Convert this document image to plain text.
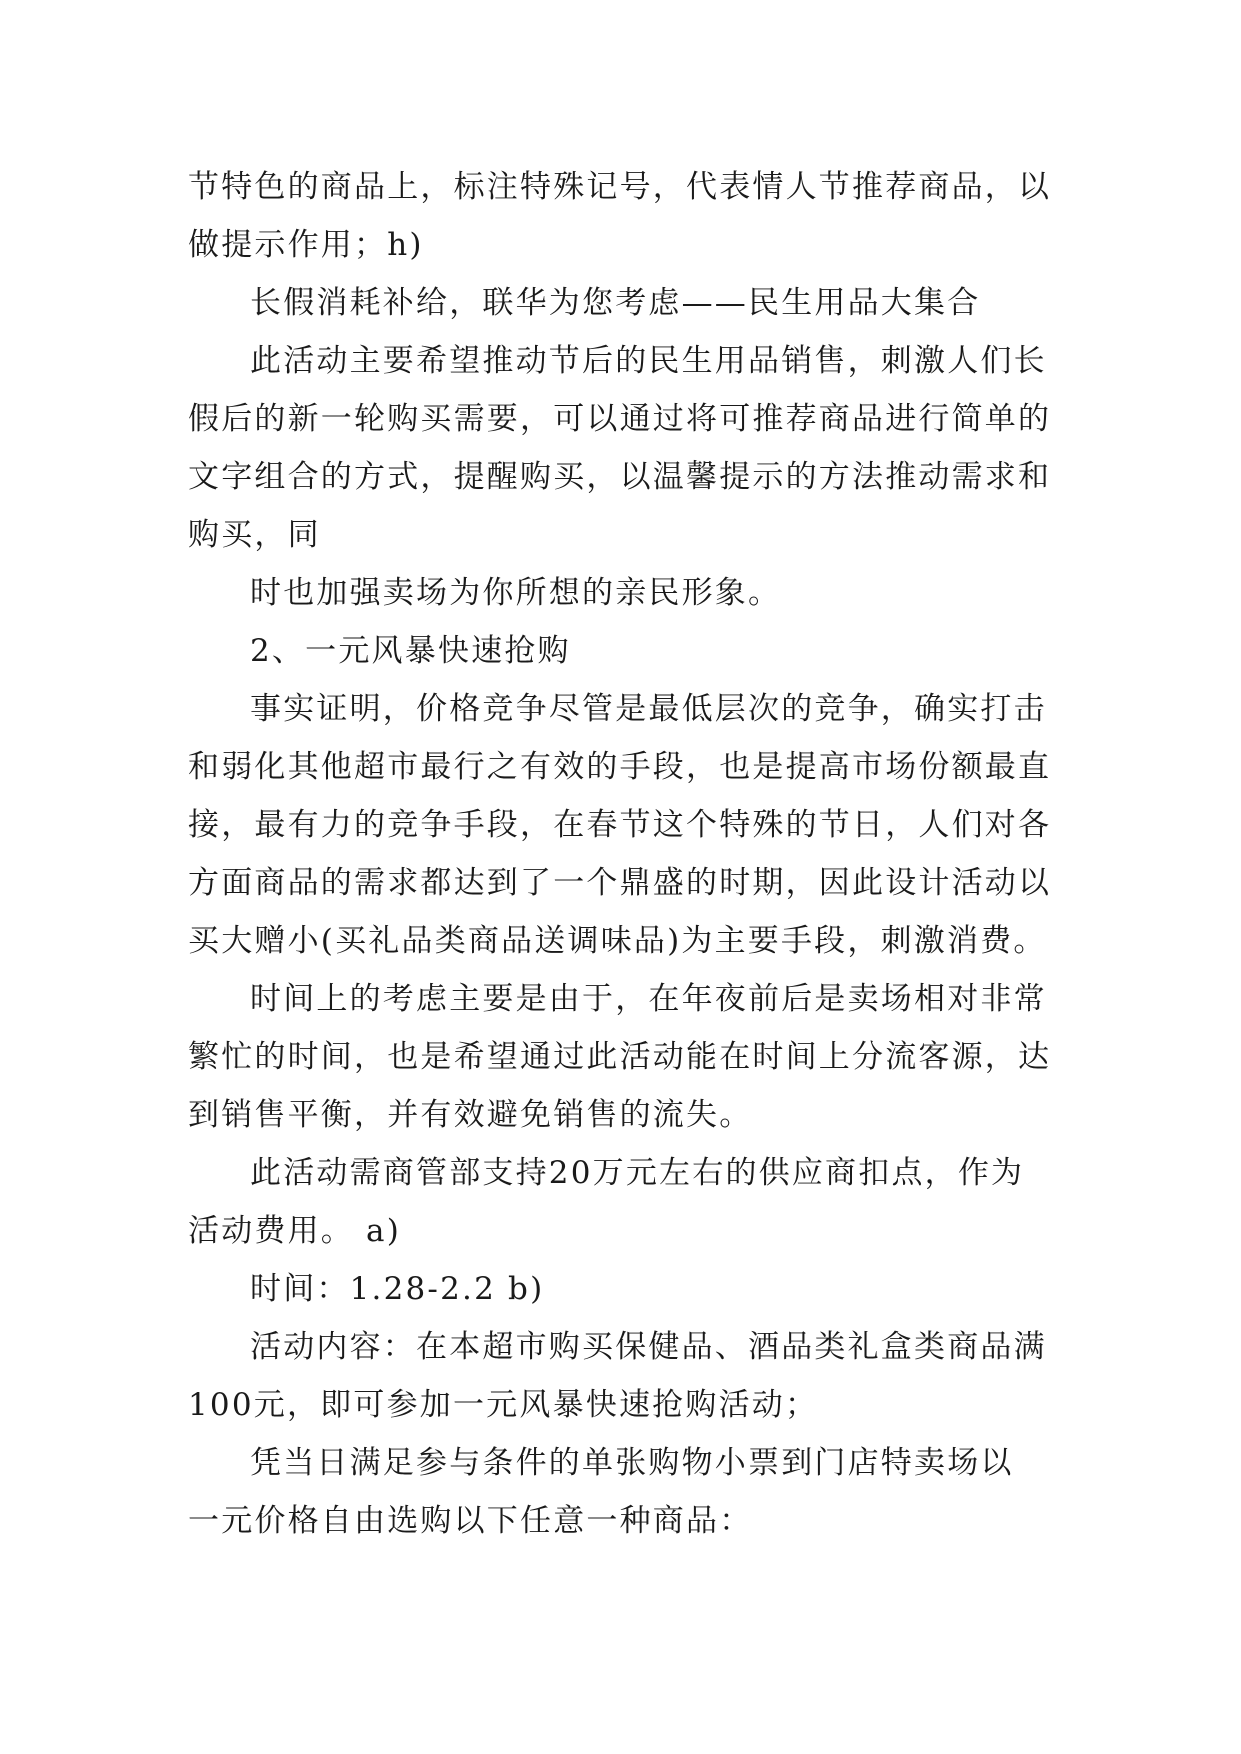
节特色的商品上，标注特殊记号，代表情人节推荐商品，以
做提示作用；h)
长假消耗补给，联华为您考虑——民生用品大集合
此活动主要希望推动节后的民生用品销售，刺激人们长
假后的新一轮购买需要，可以通过将可推荐商品进行简单的
文字组合的方式，提醒购买，以温馨提示的方法推动需求和
购买，同
时也加强卖场为你所想的亲民形象。
2、一元风暴快速抢购
事实证明，价格竞争尽管是最低层次的竞争，确实打击
和弱化其他超市最行之有效的手段，也是提高市场份额最直
接，最有力的竞争手段，在春节这个特殊的节日，人们对各
方面商品的需求都达到了一个鼎盛的时期，因此设计活动以
买大赠小(买礼品类商品送调味品)为主要手段，刺激消费。
时间上的考虑主要是由于，在年夜前后是卖场相对非常
繁忙的时间，也是希望通过此活动能在时间上分流客源，达
到销售平衡，并有效避免销售的流失。
此活动需商管部支持20万元左右的供应商扣点，作为
活动费用。 a)
时间：1.28-2.2 b)
活动内容：在本超市购买保健品、酒品类礼盒类商品满
100元，即可参加一元风暴快速抢购活动；
凭当日满足参与条件的单张购物小票到门店特卖场以
一元价格自由选购以下任意一种商品：
